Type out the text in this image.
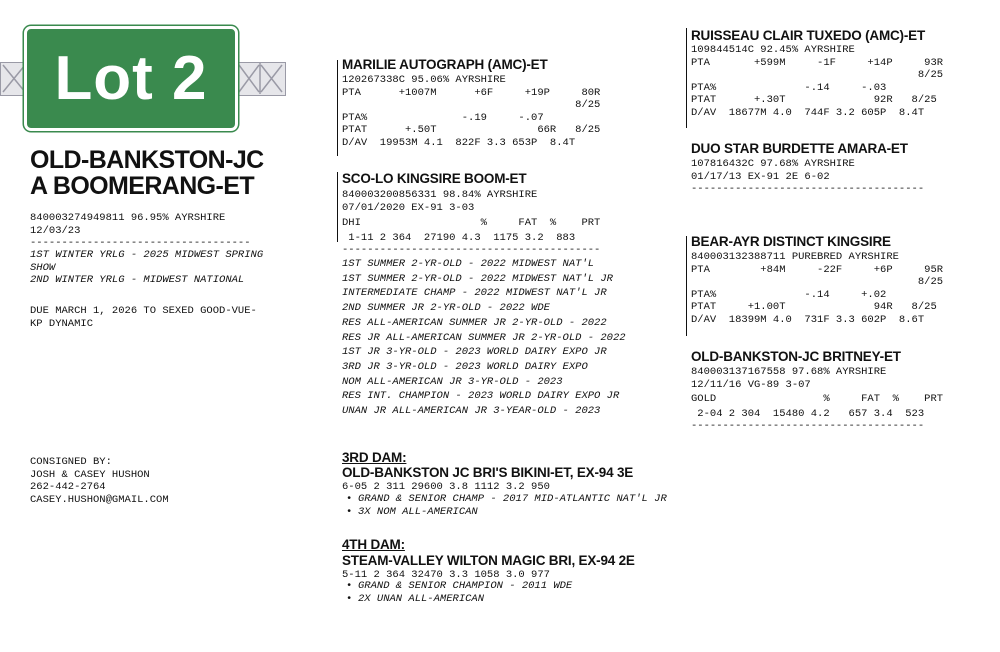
Lot 2
OLD-BANKSTON-JC
A BOOMERANG-ET
840003274949811 96.95% AYRSHIRE
12/03/23
-----------------------------------
1ST WINTER YRLG - 2025 MIDWEST SPRING
SHOW
2ND WINTER YRLG - MIDWEST NATIONAL
DUE MARCH 1, 2026 TO SEXED GOOD-VUE-
KP DYNAMIC
CONSIGNED BY:
JOSH & CASEY HUSHON
262-442-2764
CASEY.HUSHON@GMAIL.COM
MARILIE AUTOGRAPH (AMC)-ET
120267338C 95.06% AYRSHIRE
PTA      +1007M      +6F     +19P     80R
8/25
PTA%               -.19     -.07
PTAT      +.50T                66R   8/25
D/AV  19953M 4.1  822F 3.3 653P  8.4T
SCO-LO KINGSIRE BOOM-ET
840003200856331 98.84% AYRSHIRE
07/01/2020 EX-91 3-03
DHI                   %     FAT  %    PRT
1-11 2 364  27190 4.3  1175 3.2  883
-----------------------------------------
1ST SUMMER 2-YR-OLD - 2022 MIDWEST NAT'L
1ST SUMMER 2-YR-OLD - 2022 MIDWEST NAT'L JR
INTERMEDIATE CHAMP - 2022 MIDWEST NAT'L JR
2ND SUMMER JR 2-YR-OLD - 2022 WDE
RES ALL-AMERICAN SUMMER JR 2-YR-OLD - 2022
RES JR ALL-AMERICAN SUMMER JR 2-YR-OLD - 2022
1ST JR 3-YR-OLD - 2023 WORLD DAIRY EXPO JR
3RD JR 3-YR-OLD - 2023 WORLD DAIRY EXPO
NOM ALL-AMERICAN JR 3-YR-OLD - 2023
RES INT. CHAMPION - 2023 WORLD DAIRY EXPO JR
UNAN JR ALL-AMERICAN JR 3-YEAR-OLD - 2023
3RD DAM:
OLD-BANKSTON JC BRI'S BIKINI-ET, EX-94 3E
6-05 2 311 29600 3.8 1112 3.2 950
• GRAND & SENIOR CHAMP - 2017 MID-ATLANTIC NAT'L JR
• 3X NOM ALL-AMERICAN
4TH DAM:
STEAM-VALLEY WILTON MAGIC BRI, EX-94 2E
5-11 2 364 32470 3.3 1058 3.0 977
• GRAND & SENIOR CHAMPION - 2011 WDE
• 2X UNAN ALL-AMERICAN
RUISSEAU CLAIR TUXEDO (AMC)-ET
109844514C 92.45% AYRSHIRE
PTA       +599M     -1F     +14P     93R
8/25
PTA%              -.14     -.03
PTAT      +.30T              92R   8/25
D/AV  18677M 4.0  744F 3.2 605P  8.4T
DUO STAR BURDETTE AMARA-ET
107816432C 97.68% AYRSHIRE
01/17/13 EX-91 2E 6-02
-------------------------------------
BEAR-AYR DISTINCT KINGSIRE
840003132388711 PUREBRED AYRSHIRE
PTA        +84M     -22F     +6P     95R
8/25
PTA%              -.14     +.02
PTAT     +1.00T              94R   8/25
D/AV  18399M 4.0  731F 3.3 602P  8.6T
OLD-BANKSTON-JC BRITNEY-ET
840003137167558 97.68% AYRSHIRE
12/11/16 VG-89 3-07
GOLD                 %     FAT  %    PRT
2-04 2 304  15480 4.2   657 3.4  523
-------------------------------------
